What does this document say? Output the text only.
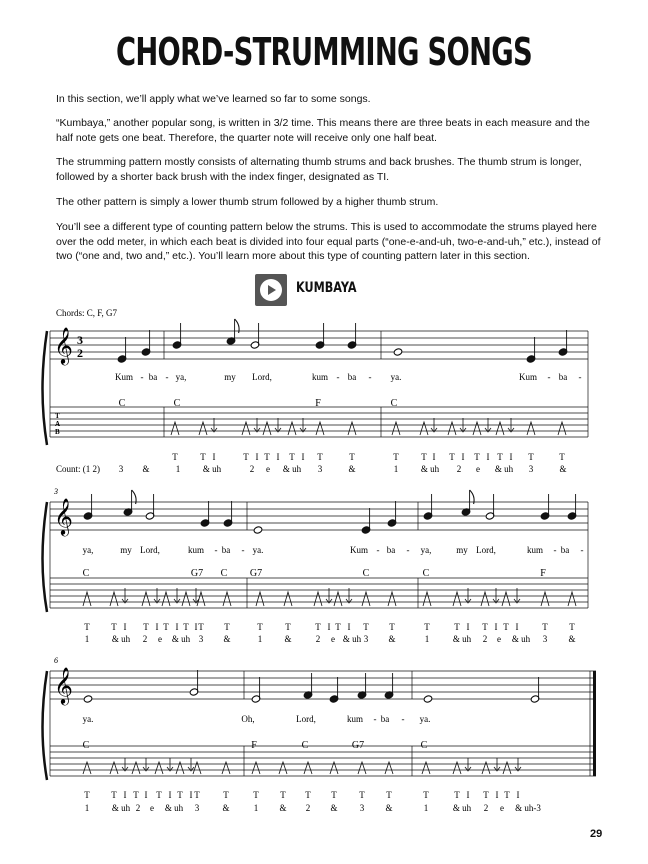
CHORD-STRUMMING SONGS

In this section, we’ll apply what we’ve learned so far to some songs.

“Kumbaya,” another popular song, is written in 3/2 time. This means there are three beats in each measure and the half note gets one beat. Therefore, the quarter note will receive only one half beat.

The strumming pattern mostly consists of alternating thumb strums and back brushes. The thumb strum is longer, followed by a shorter back brush with the index finger, designated as TI.

The other pattern is simply a lower thumb strum followed by a higher thumb strum.

You’ll see a different type of counting pattern below the strums. This is used to accommodate the strums played here over the odd meter, in which each beat is divided into four equal parts (“one-e-and-uh, two-e-and-uh,” etc.), instead of two (“one and, two and,” etc.). You’ll learn more about this type of counting pattern later in this section.

KUMBAYA
Chords: C, F, G7
𝄞 3
2
T
A
B
C	C	F	C
Kum - ba - ya,	my Lord,	kum - ba - ya.	Kum - ba -
T	T I	T I T I T I T	T	T	T I T I T I T I T	T
Count: (1 2) 3 &	1	& uh	2 e & uh 3	&	1	& uh 2 e & uh 3	&
3
𝄞
C	G7 C G7	C	C	F
ya,	my Lord,	kum - ba - ya.	Kum - ba - ya,	my Lord,	kum - ba -
T T I T I T I T I T T	T	T	T I T I T T	T	T I T I T I	T T
1	& uh 2 e & uh 3 &	1 &	2 e & uh 3 &	1	& uh 2 e & uh 3 &
6
𝄞
C	F	C	G7	C
ya.	Oh,	Lord,	kum - ba - ya.
T T I T I T I T I T	T	T T T T	T T	T	T I T I T I
1	& uh 2 e & uh 3	&	1 & 2 & 3 &	1	& uh 2 e & uh-3
29
